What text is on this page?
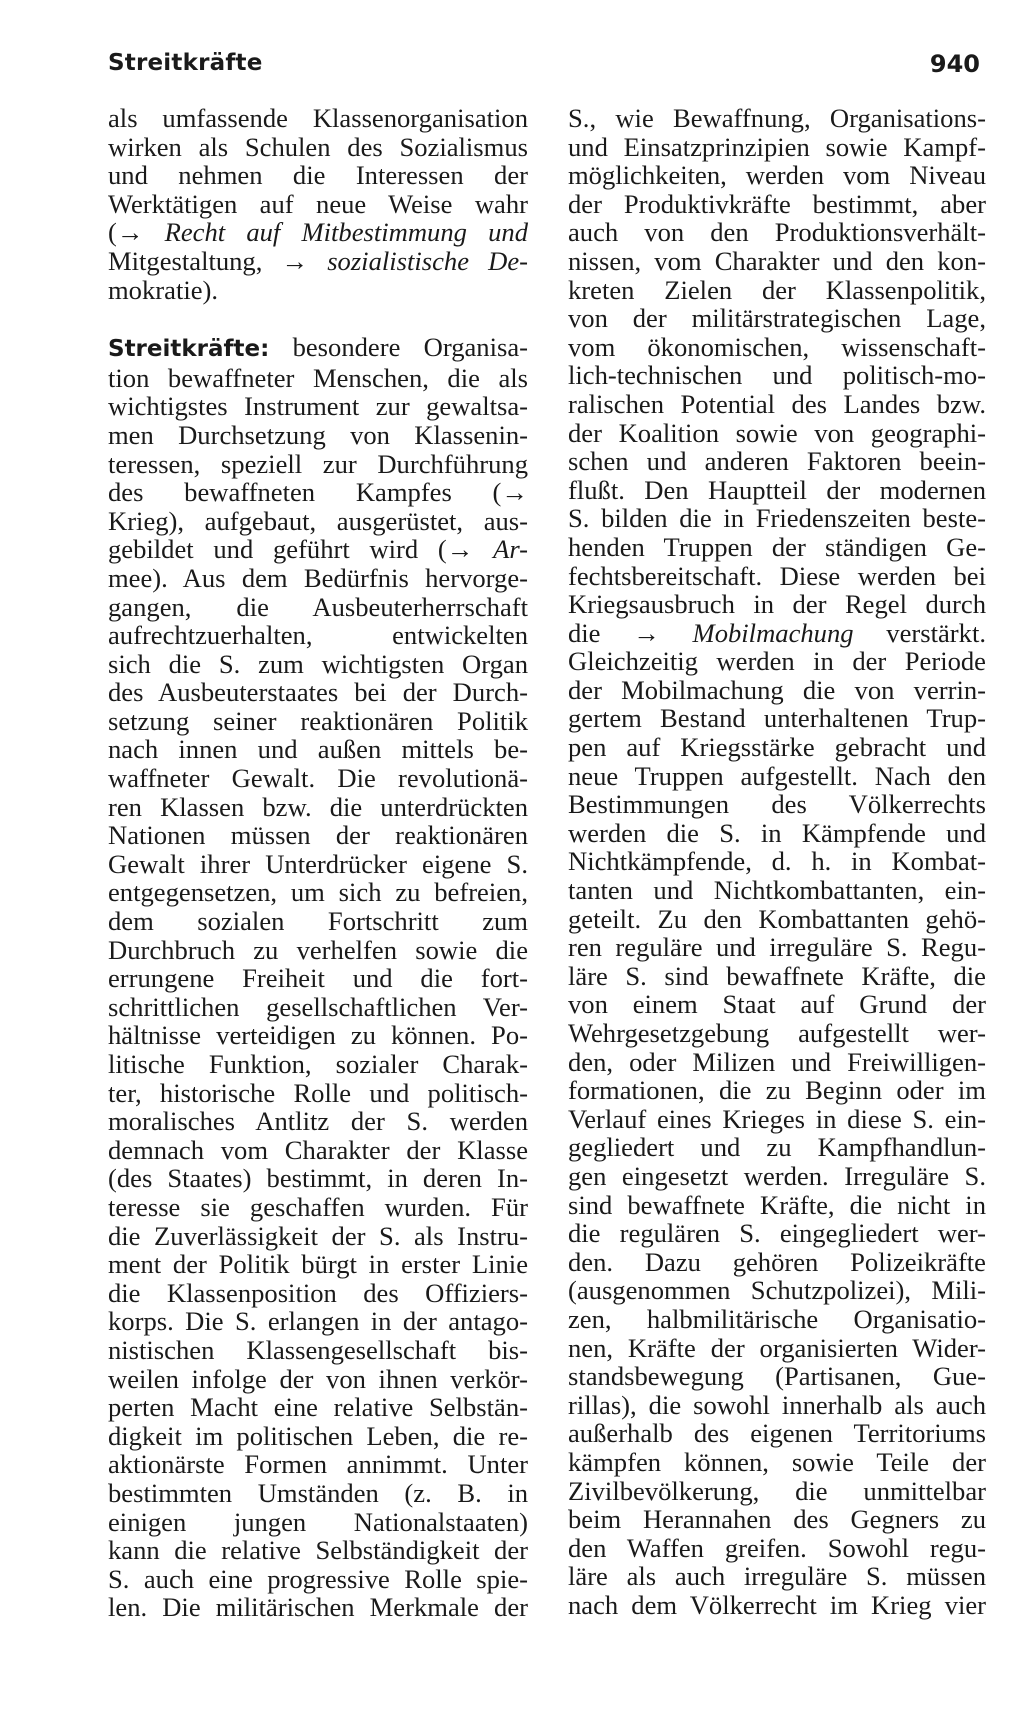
Streitkräfte	940
als umfassende Klassenorganisation
wirken als Schulen des Sozialismus
und nehmen die Interessen der
Werktätigen auf neue Weise wahr
(→ Recht auf Mitbestimmung und
Mitgestaltung, → sozialistische De-
mokratie).
Streitkräfte: besondere Organisa-
tion bewaffneter Menschen, die als
wichtigstes Instrument zur gewaltsa-
men Durchsetzung von Klassenin-
teressen, speziell zur Durchführung
des bewaffneten Kampfes (→
Krieg), aufgebaut, ausgerüstet, aus-
gebildet und geführt wird (→ Ar-
mee). Aus dem Bedürfnis hervorge-
gangen, die Ausbeuterherrschaft
aufrechtzuerhalten, entwickelten
sich die S. zum wichtigsten Organ
des Ausbeuterstaates bei der Durch-
setzung seiner reaktionären Politik
nach innen und außen mittels be-
waffneter Gewalt. Die revolutionä-
ren Klassen bzw. die unterdrückten
Nationen müssen der reaktionären
Gewalt ihrer Unterdrücker eigene S.
entgegensetzen, um sich zu befreien,
dem sozialen Fortschritt zum
Durchbruch zu verhelfen sowie die
errungene Freiheit und die fort-
schrittlichen gesellschaftlichen Ver-
hältnisse verteidigen zu können. Po-
litische Funktion, sozialer Charak-
ter, historische Rolle und politisch-
moralisches Antlitz der S. werden
demnach vom Charakter der Klasse
(des Staates) bestimmt, in deren In-
teresse sie geschaffen wurden. Für
die Zuverlässigkeit der S. als Instru-
ment der Politik bürgt in erster Linie
die Klassenposition des Offiziers-
korps. Die S. erlangen in der antago-
nistischen Klassengesellschaft bis-
weilen infolge der von ihnen verkör-
perten Macht eine relative Selbstän-
digkeit im politischen Leben, die re-
aktionärste Formen annimmt. Unter
bestimmten Umständen (z. B. in
einigen jungen Nationalstaaten)
kann die relative Selbständigkeit der
S. auch eine progressive Rolle spie-
len. Die militärischen Merkmale der
S., wie Bewaffnung, Organisations-
und Einsatzprinzipien sowie Kampf-
möglichkeiten, werden vom Niveau
der Produktivkräfte bestimmt, aber
auch von den Produktionsverhält-
nissen, vom Charakter und den kon-
kreten Zielen der Klassenpolitik,
von der militärstrategischen Lage,
vom ökonomischen, wissenschaft-
lich-technischen und politisch-mo-
ralischen Potential des Landes bzw.
der Koalition sowie von geographi-
schen und anderen Faktoren beein-
flußt. Den Hauptteil der modernen
S. bilden die in Friedenszeiten beste-
henden Truppen der ständigen Ge-
fechtsbereitschaft. Diese werden bei
Kriegsausbruch in der Regel durch
die → Mobilmachung verstärkt.
Gleichzeitig werden in der Periode
der Mobilmachung die von verrin-
gertem Bestand unterhaltenen Trup-
pen auf Kriegsstärke gebracht und
neue Truppen aufgestellt. Nach den
Bestimmungen des Völkerrechts
werden die S. in Kämpfende und
Nichtkämpfende, d. h. in Kombat-
tanten und Nichtkombattanten, ein-
geteilt. Zu den Kombattanten gehö-
ren reguläre und irreguläre S. Regu-
läre S. sind bewaffnete Kräfte, die
von einem Staat auf Grund der
Wehrgesetzgebung aufgestellt wer-
den, oder Milizen und Freiwilligen-
formationen, die zu Beginn oder im
Verlauf eines Krieges in diese S. ein-
gegliedert und zu Kampfhandlun-
gen eingesetzt werden. Irreguläre S.
sind bewaffnete Kräfte, die nicht in
die regulären S. eingegliedert wer-
den. Dazu gehören Polizeikräfte
(ausgenommen Schutzpolizei), Mili-
zen, halbmilitärische Organisatio-
nen, Kräfte der organisierten Wider-
standsbewegung (Partisanen, Gue-
rillas), die sowohl innerhalb als auch
außerhalb des eigenen Territoriums
kämpfen können, sowie Teile der
Zivilbevölkerung, die unmittelbar
beim Herannahen des Gegners zu
den Waffen greifen. Sowohl regu-
läre als auch irreguläre S. müssen
nach dem Völkerrecht im Krieg vier
